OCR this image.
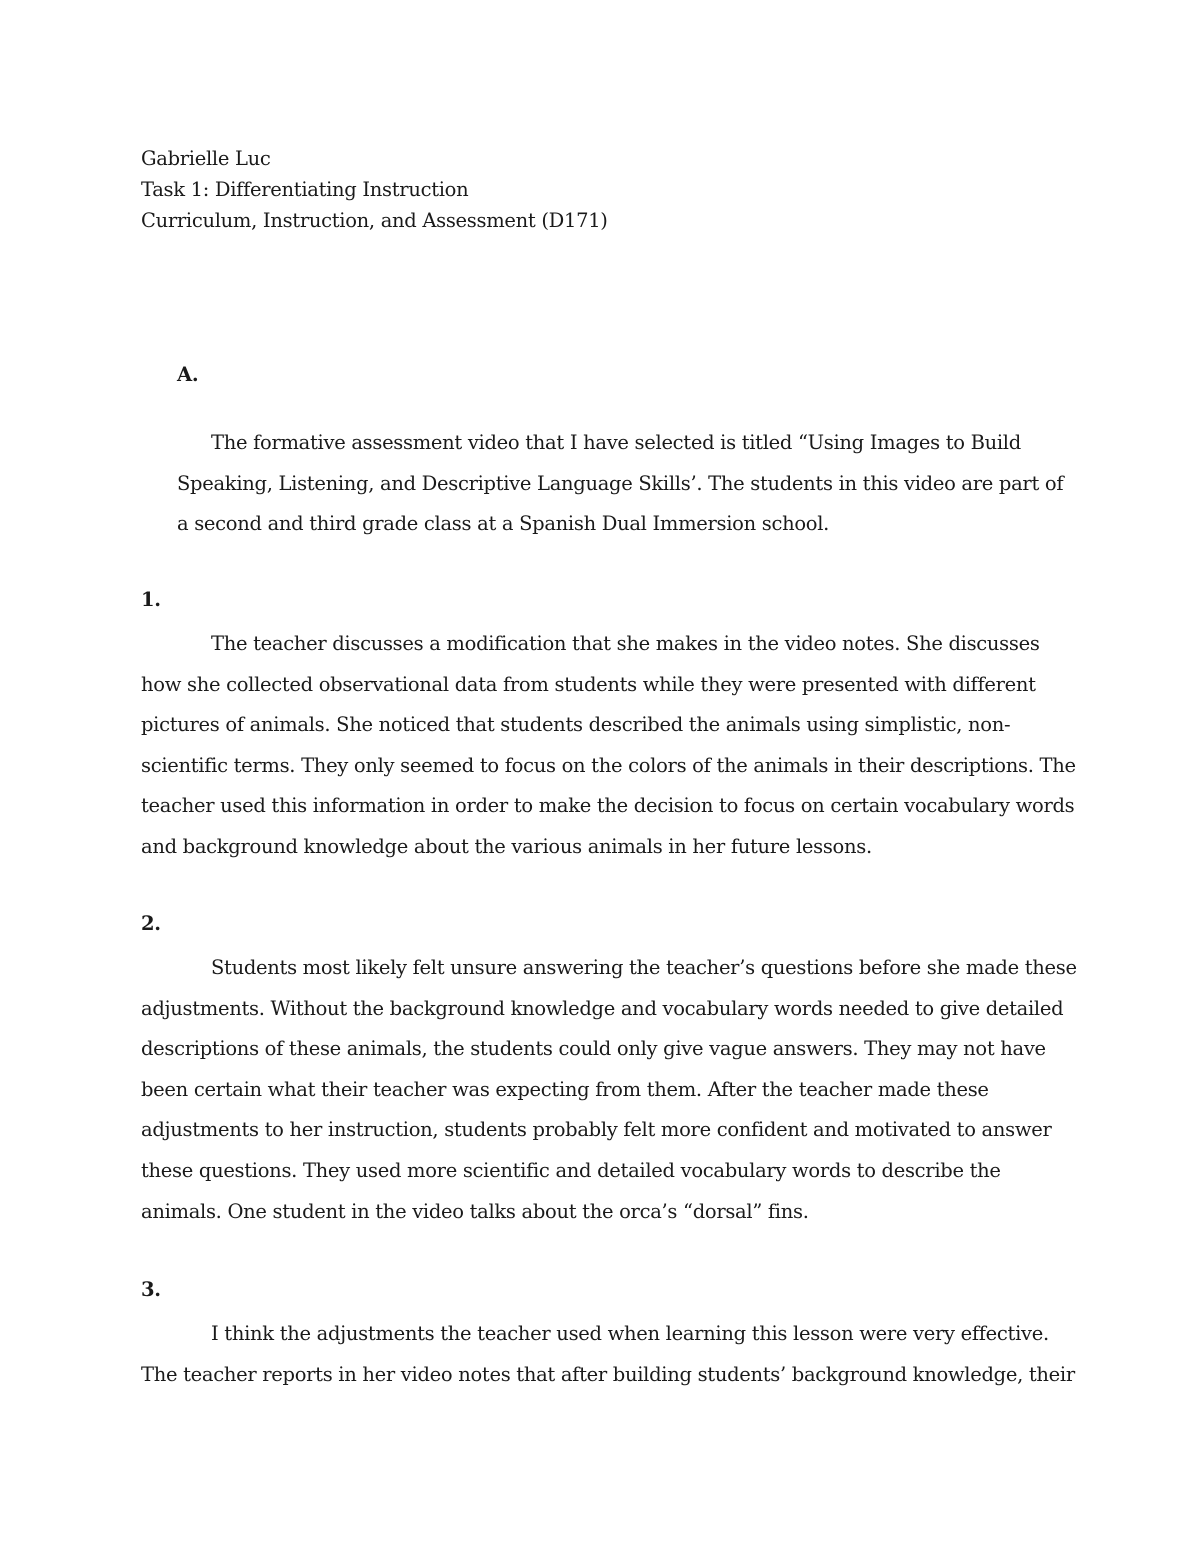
Gabrielle Luc
Task 1: Differentiating Instruction
Curriculum, Instruction, and Assessment (D171)
A.

The formative assessment video that I have selected is titled “Using Images to Build
Speaking, Listening, and Descriptive Language Skills’. The students in this video are part of
a second and third grade class at a Spanish Dual Immersion school.

1.

The teacher discusses a modification that she makes in the video notes. She discusses
how she collected observational data from students while they were presented with different
pictures of animals. She noticed that students described the animals using simplistic, non-
scientific terms. They only seemed to focus on the colors of the animals in their descriptions. The
teacher used this information in order to make the decision to focus on certain vocabulary words
and background knowledge about the various animals in her future lessons.

2.

Students most likely felt unsure answering the teacher’s questions before she made these
adjustments. Without the background knowledge and vocabulary words needed to give detailed
descriptions of these animals, the students could only give vague answers. They may not have
been certain what their teacher was expecting from them. After the teacher made these
adjustments to her instruction, students probably felt more confident and motivated to answer
these questions. They used more scientific and detailed vocabulary words to describe the
animals. One student in the video talks about the orca’s “dorsal” fins.

3.

I think the adjustments the teacher used when learning this lesson were very effective.
The teacher reports in her video notes that after building students’ background knowledge, their
